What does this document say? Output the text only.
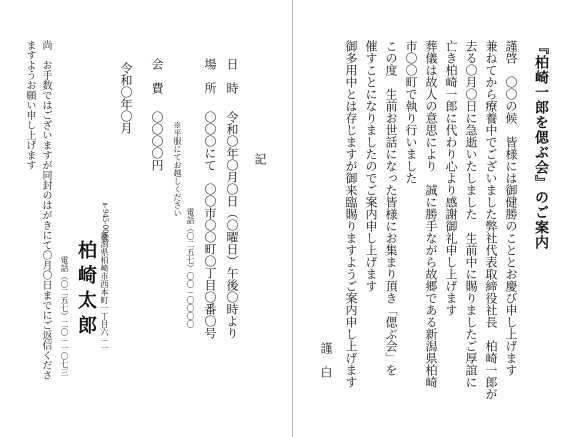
『柏崎一郎を偲ぶ会』のご案内
謹啓　〇〇の候　皆様には御健勝のこととお慶び申し上げます
兼ねてから療養中でございました弊社代表取締役社長　柏崎一郎が
去る〇月〇日に急逝いたしました　生前中に賜りましたご厚誼に
亡き柏崎一郎に代わり心より感謝御礼申し上げます
葬儀は故人の意思により　誠に勝手ながら故郷である新潟県柏崎
市〇〇町で執り行いました
この度　生前お世話になった皆様にお集まり頂き「偲ぶ会」を
催すことになりましたのでご案内申し上げます
御多用中とは存じますが御来臨賜りますようご案内申し上げます
謹　白
記
日　時
令和〇年〇月〇日（〇曜日）午後〇時より
場　所
〇〇〇にて　〇〇市〇〇町〇丁目〇番〇号
電話（〇二五七）〇〇－〇〇〇〇
※平服にてお越しください
会　費
〇〇〇〇円
令和〇年〇月
〒945-0066
新潟県柏崎市西本町一丁目六－一
柏崎太郎
電話（〇二五七）二〇－一〇七三
尚　お手数ではございますが同封のはがきにて〇月〇日までにご返信くださ
ますようお願い申し上げます
